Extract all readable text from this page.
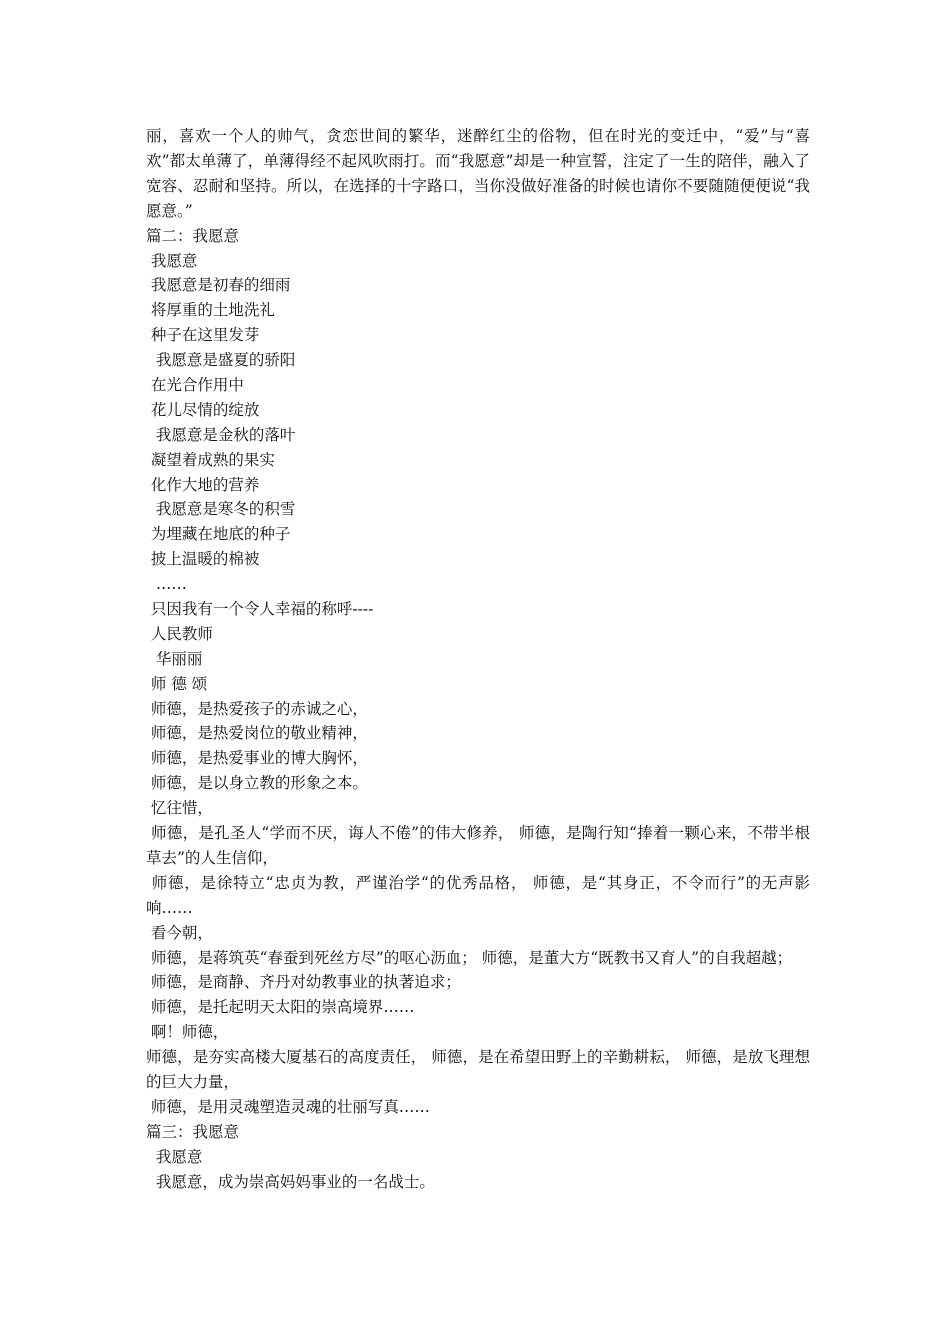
丽，喜欢一个人的帅气，贪恋世间的繁华，迷醉红尘的俗物，但在时光的变迁中，“爱”与“喜欢”都太单薄了，单薄得经不起风吹雨打。而“我愿意”却是一种宣誓，注定了一生的陪伴，融入了宽容、忍耐和坚持。所以，在选择的十字路口，当你没做好准备的时候也请你不要随随便便说“我愿意。”
篇二：我愿意
我愿意
我愿意是初春的细雨
将厚重的土地洗礼
种子在这里发芽
我愿意是盛夏的骄阳
在光合作用中
花儿尽情的绽放
我愿意是金秋的落叶
凝望着成熟的果实
化作大地的营养
我愿意是寒冬的积雪
为埋藏在地底的种子
披上温暖的棉被
……
只因我有一个令人幸福的称呼----
人民教师
华丽丽
师 德 颂
师德，是热爱孩子的赤诚之心，
师德，是热爱岗位的敬业精神，
师德，是热爱事业的博大胸怀，
师德，是以身立教的形象之本。
忆往惜，
师德，是孔圣人“学而不厌，诲人不倦”的伟大修养， 师德，是陶行知“捧着一颗心来，不带半根草去”的人生信仰，
师德，是徐特立“忠贞为教，严谨治学“的优秀品格， 师德，是“其身正，不令而行”的无声影响……
看今朝，
师德，是蒋筑英“春蚕到死丝方尽”的呕心沥血； 师德，是董大方“既教书又育人”的自我超越；
师德，是商静、齐丹对幼教事业的执著追求；
师德，是托起明天太阳的崇高境界……
啊！师德，
师德，是夯实高楼大厦基石的高度责任， 师德，是在希望田野上的辛勤耕耘， 师德，是放飞理想的巨大力量，
师德，是用灵魂塑造灵魂的壮丽写真……
篇三：我愿意
我愿意
我愿意，成为崇高妈妈事业的一名战士。
